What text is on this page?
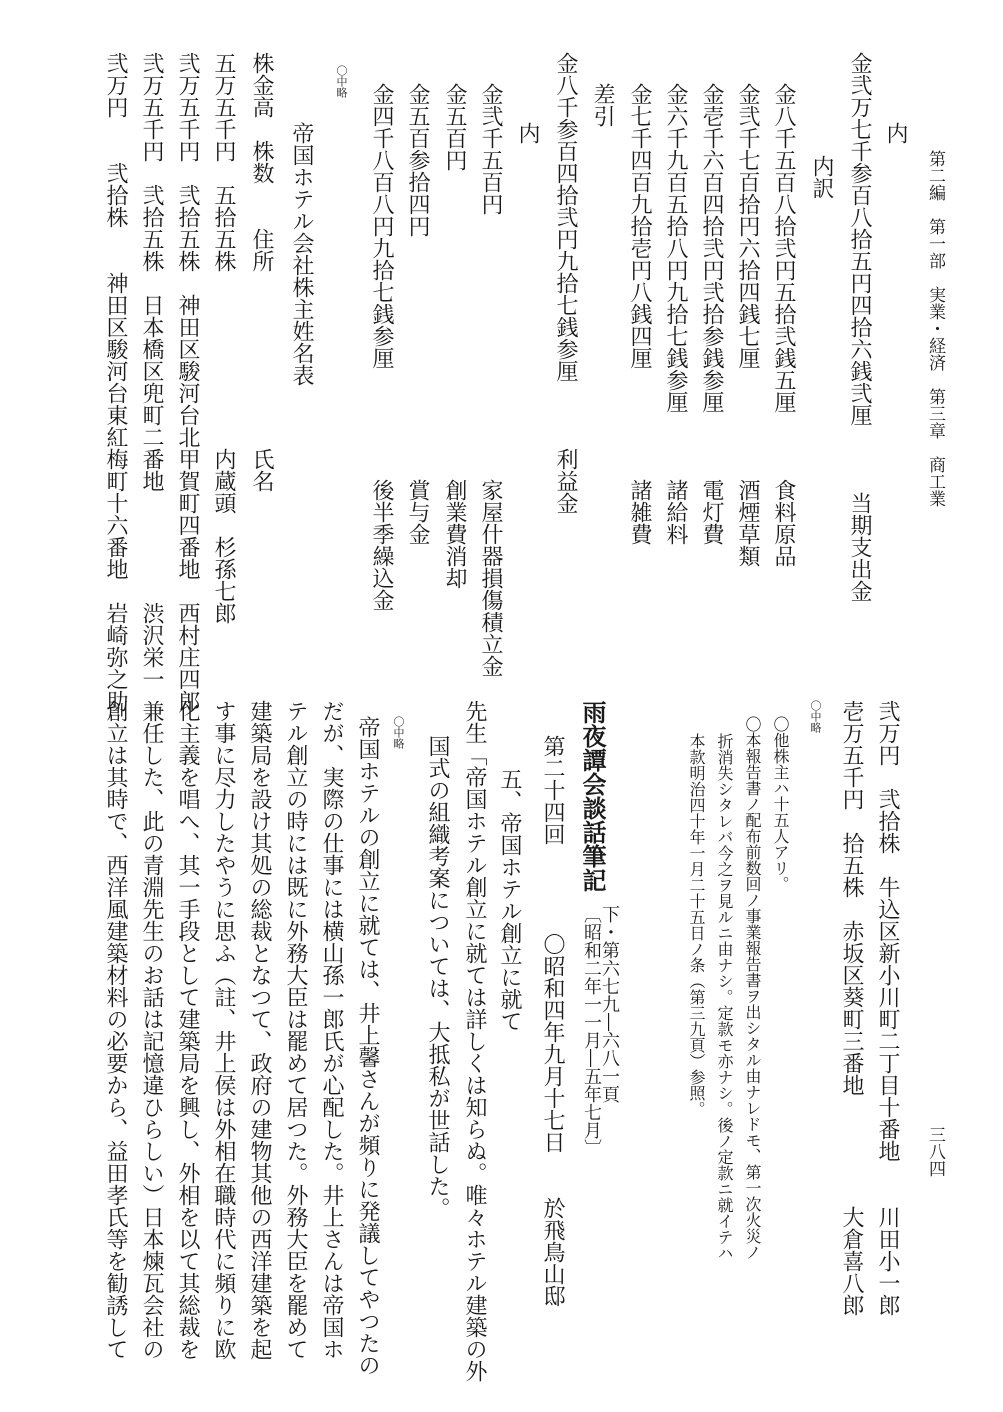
第二編　第一部　実業・経済　第三章　商工業
三八四
内
金弐万七千参百八拾五円四拾六銭弐厘　　　当期支出金
内訳
金八千五百八拾弐円五拾弐銭五厘　　　食料原品
金弐千七百拾円六拾四銭七厘　　　　　酒煙草類
金壱千六百四拾弐円弐拾参銭参厘　　　電灯費
金六千九百五拾八円九拾七銭参厘　　　諸給料
金七千四百九拾壱円八銭四厘　　　　　諸雑費
差引
金八千参百四拾弐円九拾七銭参厘　　　利益金
内
金弐千五百円　　　　　　　　　　　　家屋什器損傷積立金
金五百円　　　　　　　　　　　　　　創業費消却
金五百参拾四円　　　　　　　　　　　賞与金
金四千八百八円九拾七銭参厘　　　　　後半季繰込金
〇中略
帝国ホテル会社株主姓名表
株金高　株数　　住所　　　　　　　　氏名
五万五千円　五拾五株　　　　　　　　内蔵頭　杉孫七郎
弐万五千円　弐拾五株　神田区駿河台北甲賀町四番地　西村庄四郎
弐万五千円　弐拾五株　日本橋区兜町二番地　　　　　渋沢栄一
弐万円　　弐拾株　　神田区駿河台東紅梅町十六番地　岩崎弥之助
弐万円　弐拾株　牛込区新小川町二丁目十番地　　川田小一郎
壱万五千円　拾五株　赤坂区葵町三番地　　　　　大倉喜八郎
〇中略
〇他株主ハ十五人アリ。
〇本報告書ノ配布前数回ノ事業報告書ヲ出シタル由ナレドモ、第一次火災ノ
折消失シタレバ今之ヲ見ルニ由ナシ。定款モ亦ナシ。後ノ定款ニ就イテハ
本款明治四十年一月二十五日ノ条（第三九頁）参照。
第二十四回　　　　〇昭和四年九月十七日　　於飛鳥山邸
五、帝国ホテル創立に就て
先生「帝国ホテル創立に就ては詳しくは知らぬ。唯々ホテル建築の外
国式の組織考案については、大抵私が世話した。
〇中略
帝国ホテルの創立に就ては、井上馨さんが頻りに発議してやつたの
だが、実際の仕事には横山孫一郎氏が心配した。井上さんは帝国ホ
テル創立の時には既に外務大臣は罷めて居つた。外務大臣を罷めて
建築局を設け其処の総裁となつて、政府の建物其他の西洋建築を起
す事に尽力したやうに思ふ（註、井上侯は外相在職時代に頻りに欧
化主義を唱へ、其一手段として建築局を興し、外相を以て其総裁を
兼任した、此の青淵先生のお話は記憶違ひらしい）日本煉瓦会社の
創立は其時で、西洋風建築材料の必要から、益田孝氏等を勧誘して	雨夜譚会談話筆記
下・第六七九―六八一頁
〔昭和二年一一月―五年七月〕
